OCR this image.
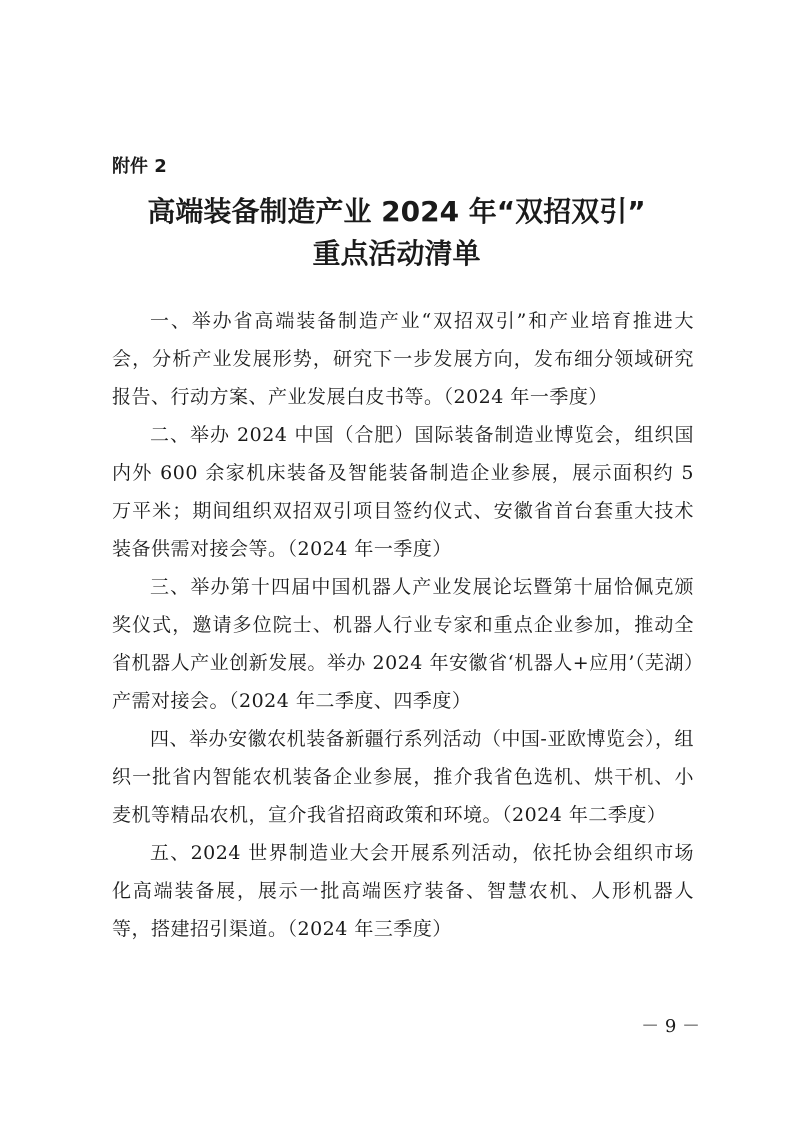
附件 2
高端装备制造产业 2024 年“双招双引”
重点活动清单

一、举办省高端装备制造产业“双招双引”和产业培育推进大会，分析产业发展形势，研究下一步发展方向，发布细分领域研究报告、行动方案、产业发展白皮书等。（2024 年一季度）

二、举办 2024 中国（合肥）国际装备制造业博览会，组织国内外 600 余家机床装备及智能装备制造企业参展，展示面积约 5 万平米；期间组织双招双引项目签约仪式、安徽省首台套重大技术装备供需对接会等。（2024 年一季度）

三、举办第十四届中国机器人产业发展论坛暨第十届恰佩克颁奖仪式，邀请多位院士、机器人行业专家和重点企业参加，推动全省机器人产业创新发展。举办 2024 年安徽省‘机器人+应用’（芜湖）产需对接会。（2024 年二季度、四季度）

四、举办安徽农机装备新疆行系列活动（中国-亚欧博览会），组织一批省内智能农机装备企业参展，推介我省色选机、烘干机、小麦机等精品农机，宣介我省招商政策和环境。（2024 年二季度）

五、2024 世界制造业大会开展系列活动，依托协会组织市场化高端装备展，展示一批高端医疗装备、智慧农机、人形机器人等，搭建招引渠道。（2024 年三季度）

－ 9 －
